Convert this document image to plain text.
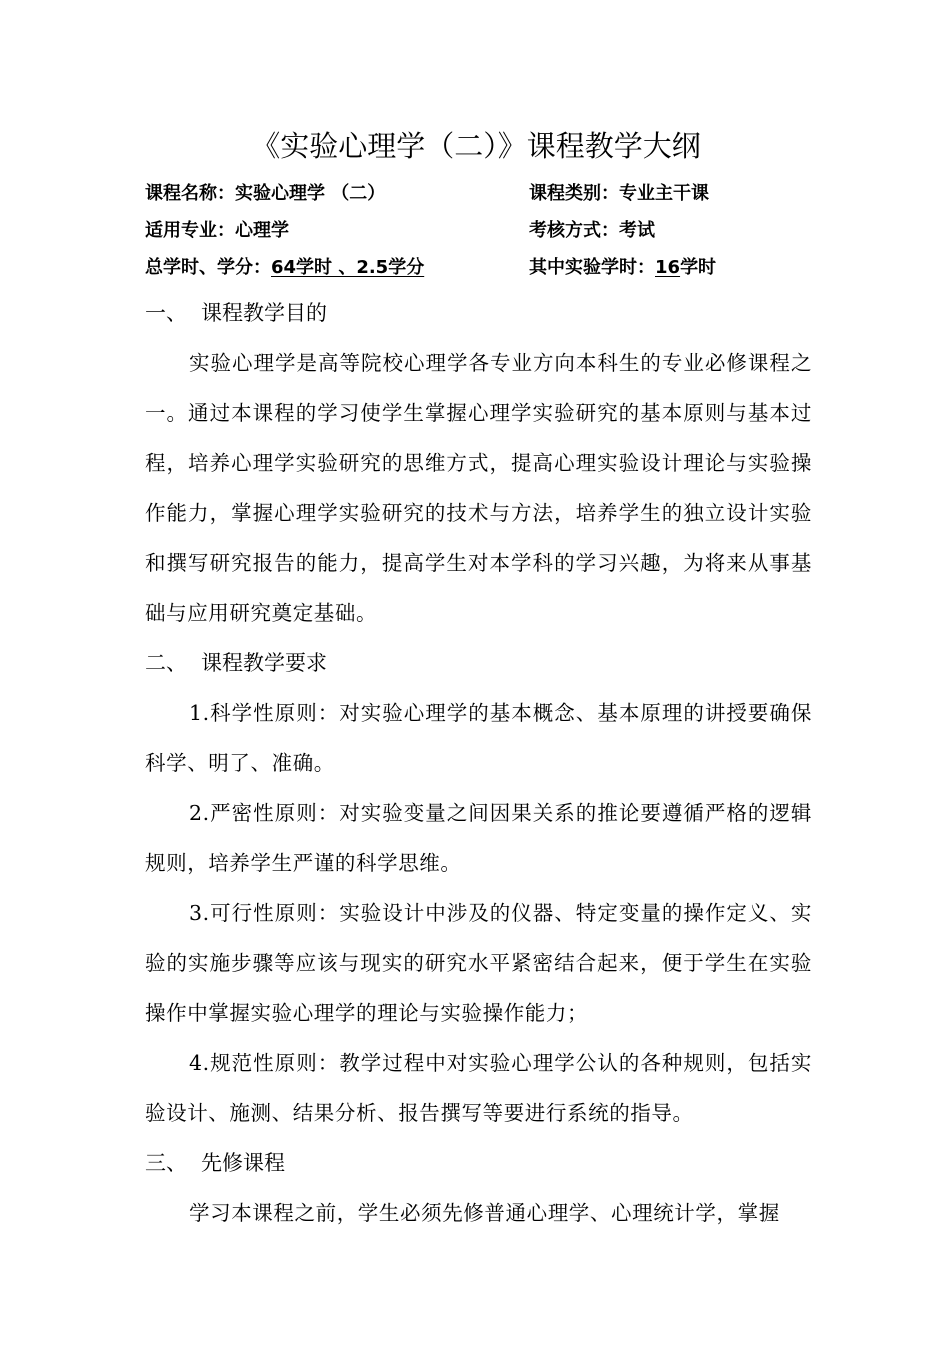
《实验心理学（二）》课程教学大纲
课程名称：实验心理学 （二）	课程类别：专业主干课
适用专业：心理学	考核方式：考试
总学时、学分：64学时 、2.5学分	其中实验学时：16学时
一、 课程教学目的
实验心理学是高等院校心理学各专业方向本科生的专业必修课程之一。通过本课程的学习使学生掌握心理学实验研究的基本原则与基本过程，培养心理学实验研究的思维方式，提高心理实验设计理论与实验操作能力，掌握心理学实验研究的技术与方法，培养学生的独立设计实验和撰写研究报告的能力，提高学生对本学科的学习兴趣，为将来从事基础与应用研究奠定基础。
二、 课程教学要求
1.科学性原则：对实验心理学的基本概念、基本原理的讲授要确保科学、明了、准确。
2.严密性原则：对实验变量之间因果关系的推论要遵循严格的逻辑规则，培养学生严谨的科学思维。
3.可行性原则：实验设计中涉及的仪器、特定变量的操作定义、实验的实施步骤等应该与现实的研究水平紧密结合起来，便于学生在实验操作中掌握实验心理学的理论与实验操作能力；
4.规范性原则：教学过程中对实验心理学公认的各种规则，包括实验设计、施测、结果分析、报告撰写等要进行系统的指导。
三、 先修课程
学习本课程之前，学生必须先修普通心理学、心理统计学，掌握
